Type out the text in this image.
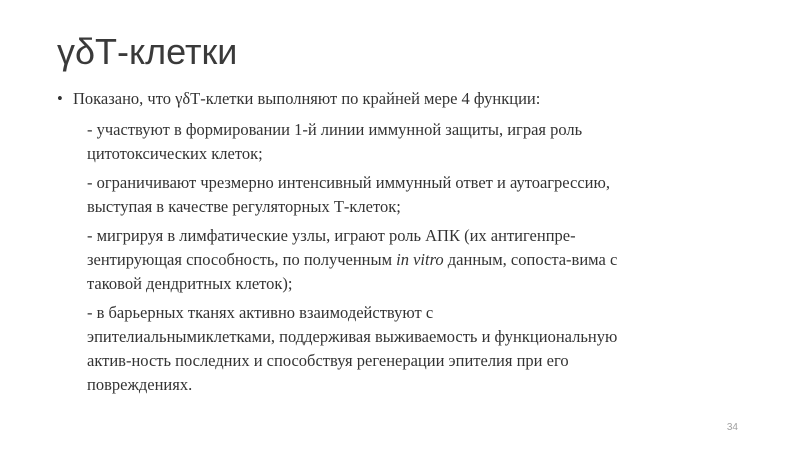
γδТ-клетки
• Показано, что γδТ-клетки выполняют по крайней мере 4 функции:

- участвуют в формировании 1-й линии иммунной защиты, играя роль
цитотоксических клеток;

- ограничивают чрезмерно интенсивный иммунный ответ и аутоагрессию,
выступая в качестве регуляторных Т-клеток;

- мигрируя в лимфатические узлы, играют роль АПК (их антигенпре-
зентирующая способность, по полученным in vitro данным, сопоста-вима с
таковой дендритных клеток);

- в барьерных тканях активно взаимодействуют с
эпителиальнымиклетками, поддерживая выживаемость и функциональную
актив-ность последних и способствуя регенерации эпителия при его
повреждениях.

34
